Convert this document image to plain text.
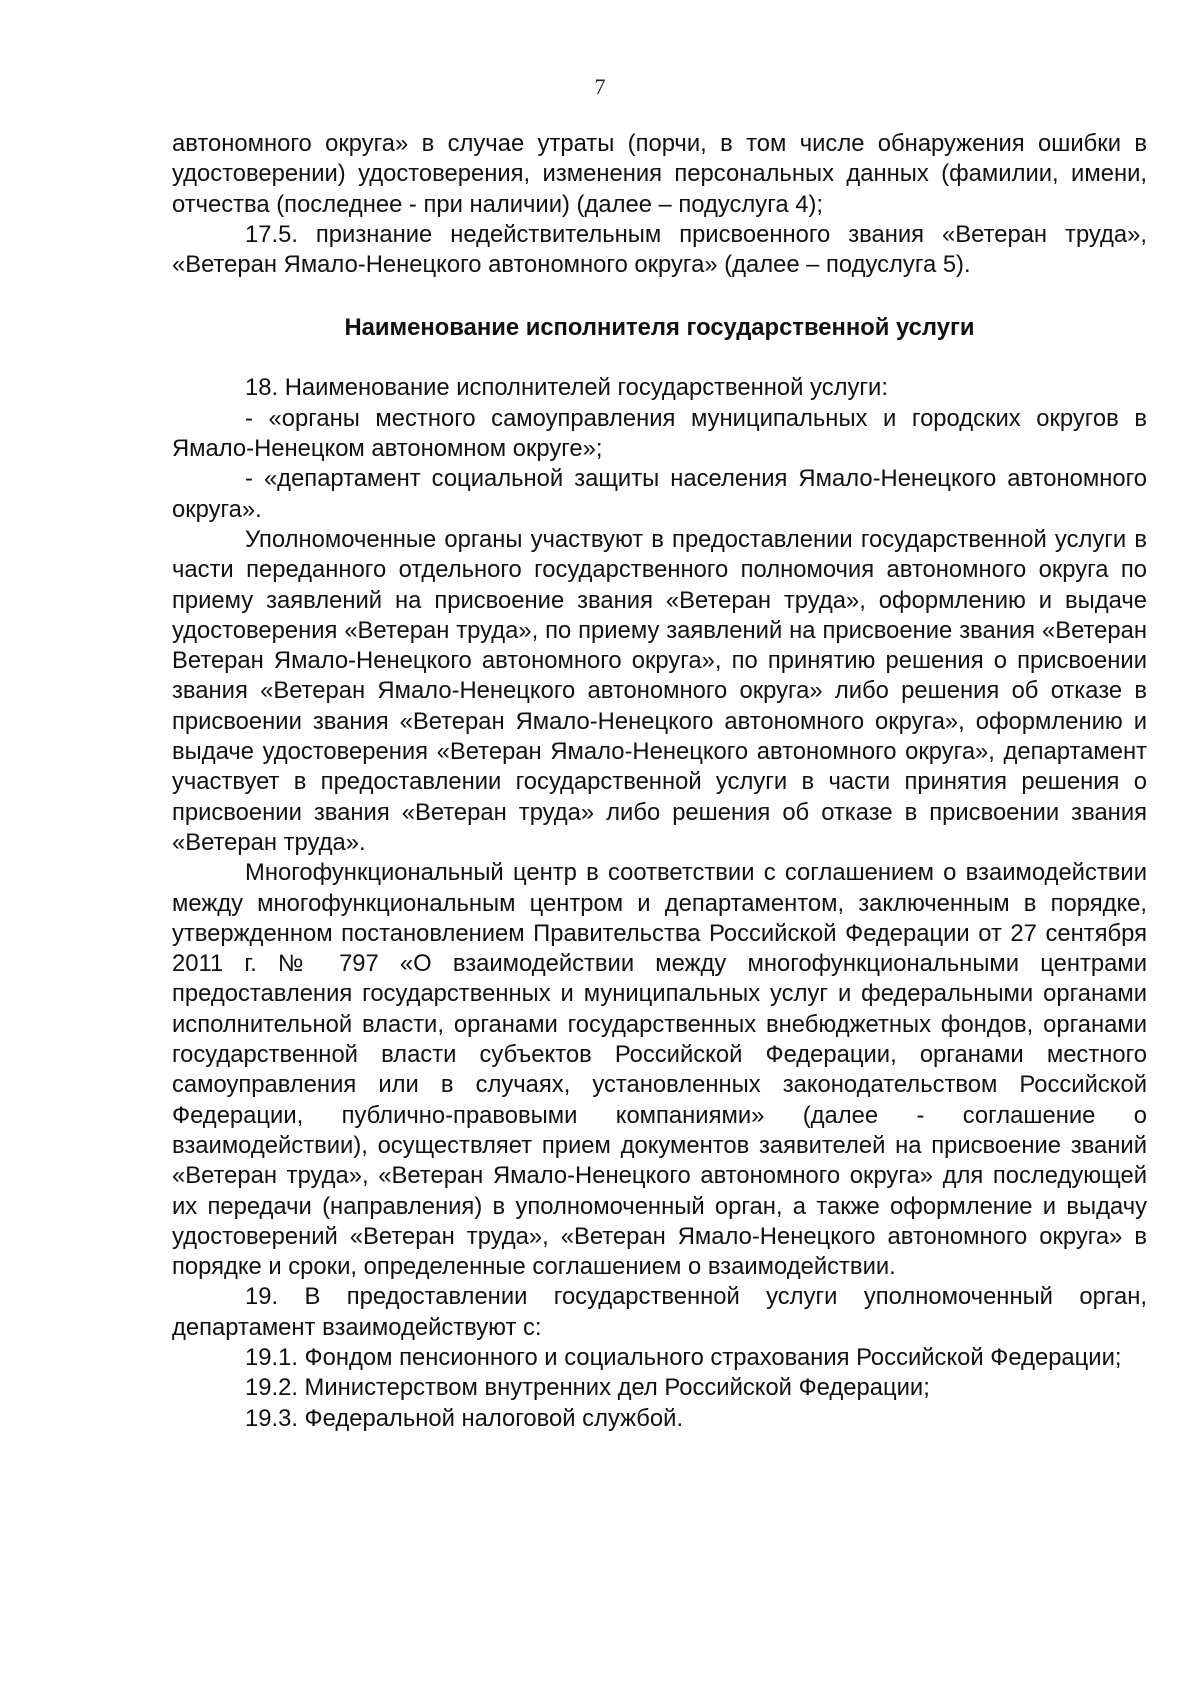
7

автономного округа» в случае утраты (порчи, в том числе обнаружения ошибки в удостоверении) удостоверения, изменения персональных данных (фамилии, имени, отчества (последнее - при наличии) (далее – подуслуга 4);

17.5. признание недействительным присвоенного звания «Ветеран труда», «Ветеран Ямало-Ненецкого автономного округа» (далее – подуслуга 5).

Наименование исполнителя государственной услуги

18. Наименование исполнителей государственной услуги:

- «органы местного самоуправления муниципальных и городских округов в Ямало-Ненецком автономном округе»;

- «департамент социальной защиты населения Ямало-Ненецкого автономного округа».

Уполномоченные органы участвуют в предоставлении государственной услуги в части переданного отдельного государственного полномочия автономного округа по приему заявлений на присвоение звания «Ветеран труда», оформлению и выдаче удостоверения «Ветеран труда», по приему заявлений на присвоение звания «Ветеран Ветеран Ямало-Ненецкого автономного округа», по принятию решения о присвоении звания «Ветеран Ямало-Ненецкого автономного округа» либо решения об отказе в присвоении звания «Ветеран Ямало-Ненецкого автономного округа», оформлению и выдаче удостоверения «Ветеран Ямало-Ненецкого автономного округа», департамент участвует в предоставлении государственной услуги в части принятия решения о присвоении звания «Ветеран труда» либо решения об отказе в присвоении звания «Ветеран труда».

Многофункциональный центр в соответствии с соглашением о взаимодействии между многофункциональным центром и департаментом, заключенным в порядке, утвержденном постановлением Правительства Российской Федерации от 27 сентября 2011 г. № 797 «О взаимодействии между многофункциональными центрами предоставления государственных и муниципальных услуг и федеральными органами исполнительной власти, органами государственных внебюджетных фондов, органами государственной власти субъектов Российской Федерации, органами местного самоуправления или в случаях, установленных законодательством Российской Федерации, публично-правовыми компаниями» (далее - соглашение о взаимодействии), осуществляет прием документов заявителей на присвоение званий «Ветеран труда», «Ветеран Ямало-Ненецкого автономного округа» для последующей их передачи (направления) в уполномоченный орган, а также оформление и выдачу удостоверений «Ветеран труда», «Ветеран Ямало-Ненецкого автономного округа» в порядке и сроки, определенные соглашением о взаимодействии.

19. В предоставлении государственной услуги уполномоченный орган, департамент взаимодействуют с:

19.1. Фондом пенсионного и социального страхования Российской Федерации;

19.2. Министерством внутренних дел Российской Федерации;

19.3. Федеральной налоговой службой.
